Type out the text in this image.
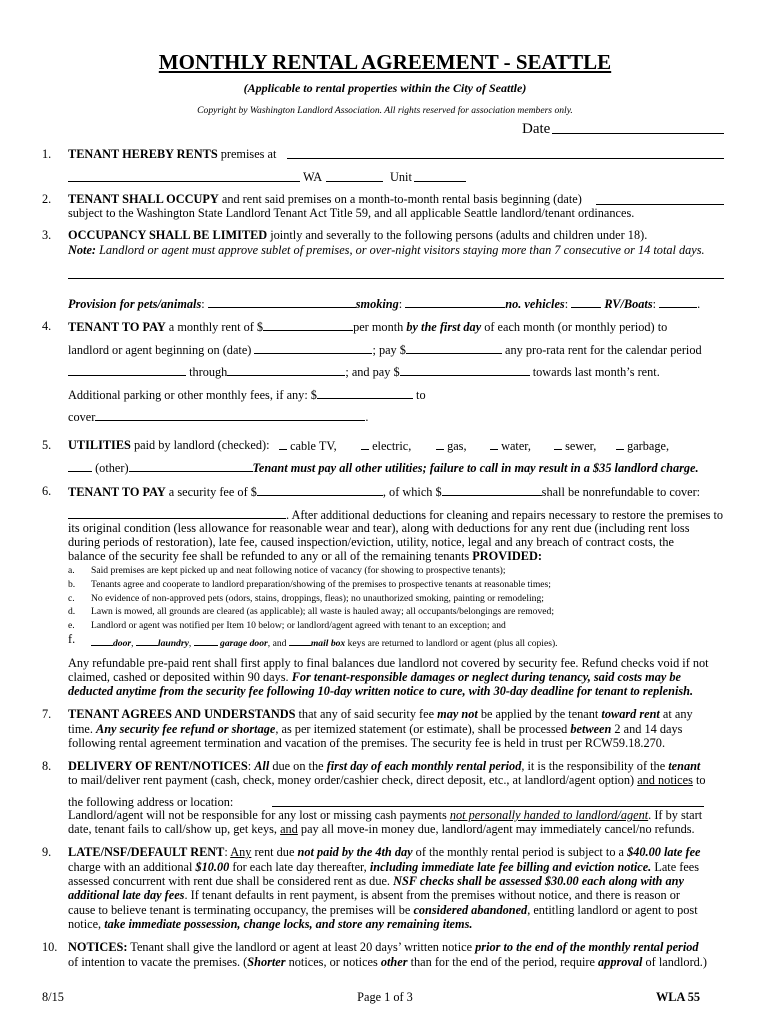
MONTHLY RENTAL AGREEMENT - SEATTLE
(Applicable to rental properties within the City of Seattle)
Copyright by Washington Landlord Association. All rights reserved for association members only.
Date
1. TENANT HEREBY RENTS premises at
WA	Unit
2. TENANT SHALL OCCUPY and rent said premises on a month-to-month rental basis beginning (date)
subject to the Washington State Landlord Tenant Act Title 59, and all applicable Seattle landlord/tenant ordinances.
3. OCCUPANCY SHALL BE LIMITED jointly and severally to the following persons (adults and children under 18).
Note: Landlord or agent must approve sublet of premises, or over-night visitors staying more than 7 consecutive or 14 total days.
Provision for pets/animals:	smoking:	no. vehicles:	RV/Boats:	.
4. TENANT TO PAY a monthly rent of $	per month by the first day of each month (or monthly period) to
landlord or agent beginning on (date)	; pay $	any pro-rata rent for the calendar period
through	; and pay $	towards last month’s rent.
Additional parking or other monthly fees, if any: $	to
cover	.
5. UTILITIES paid by landlord (checked):	cable TV,	electric,	gas,	water,	sewer,	garbage,
(other)	Tenant must pay all other utilities; failure to call in may result in a $35 landlord charge.
6. TENANT TO PAY a security fee of $	, of which $	shall be nonrefundable to cover:
. After additional deductions for cleaning and repairs necessary to restore the premises to
its original condition (less allowance for reasonable wear and tear), along with deductions for any rent due (including rent loss
during periods of restoration), late fee, caused inspection/eviction, utility, notice, legal and any breach of contract costs, the
balance of the security fee shall be refunded to any or all of the remaining tenants PROVIDED:
a. Said premises are kept picked up and neat following notice of vacancy (for showing to prospective tenants);
b. Tenants agree and cooperate to landlord preparation/showing of the premises to prospective tenants at reasonable times;
c. No evidence of non-approved pets (odors, stains, droppings, fleas); no unauthorized smoking, painting or remodeling;
d. Lawn is mowed, all grounds are cleared (as applicable); all waste is hauled away; all occupants/belongings are removed;
e. Landlord or agent was notified per Item 10 below; or landlord/agent agreed with tenant to an exception; and
f.	door, laundry,	garage door, and mail box keys are returned to landlord or agent (plus all copies).
Any refundable pre-paid rent shall first apply to final balances due landlord not covered by security fee. Refund checks void if not
claimed, cashed or deposited within 90 days. For tenant-responsible damages or neglect during tenancy, said costs may be
deducted anytime from the security fee following 10-day written notice to cure, with 30-day deadline for tenant to replenish.
7. TENANT AGREES AND UNDERSTANDS that any of said security fee may not be applied by the tenant toward rent at any
time. Any security fee refund or shortage, as per itemized statement (or estimate), shall be processed between 2 and 14 days
following rental agreement termination and vacation of the premises. The security fee is held in trust per RCW59.18.270.
8. DELIVERY OF RENT/NOTICES: All due on the first day of each monthly rental period, it is the responsibility of the tenant
to mail/deliver rent payment (cash, check, money order/cashier check, direct deposit, etc., at landlord/agent option) and notices to
the following address or location:
Landlord/agent will not be responsible for any lost or missing cash payments not personally handed to landlord/agent. If by start
date, tenant fails to call/show up, get keys, and pay all move-in money due, landlord/agent may immediately cancel/no refunds.
9. LATE/NSF/DEFAULT RENT: Any rent due not paid by the 4th day of the monthly rental period is subject to a $40.00 late fee
charge with an additional $10.00 for each late day thereafter, including immediate late fee billing and eviction notice. Late fees
assessed concurrent with rent due shall be considered rent as due. NSF checks shall be assessed $30.00 each along with any
additional late day fees. If tenant defaults in rent payment, is absent from the premises without notice, and there is reason or
cause to believe tenant is terminating occupancy, the premises will be considered abandoned, entitling landlord or agent to post
notice, take immediate possession, change locks, and store any remaining items.
10. NOTICES: Tenant shall give the landlord or agent at least 20 days’ written notice prior to the end of the monthly rental period
of intention to vacate the premises. (Shorter notices, or notices other than for the end of the period, require approval of landlord.)
8/15	Page 1 of 3	WLA 55
